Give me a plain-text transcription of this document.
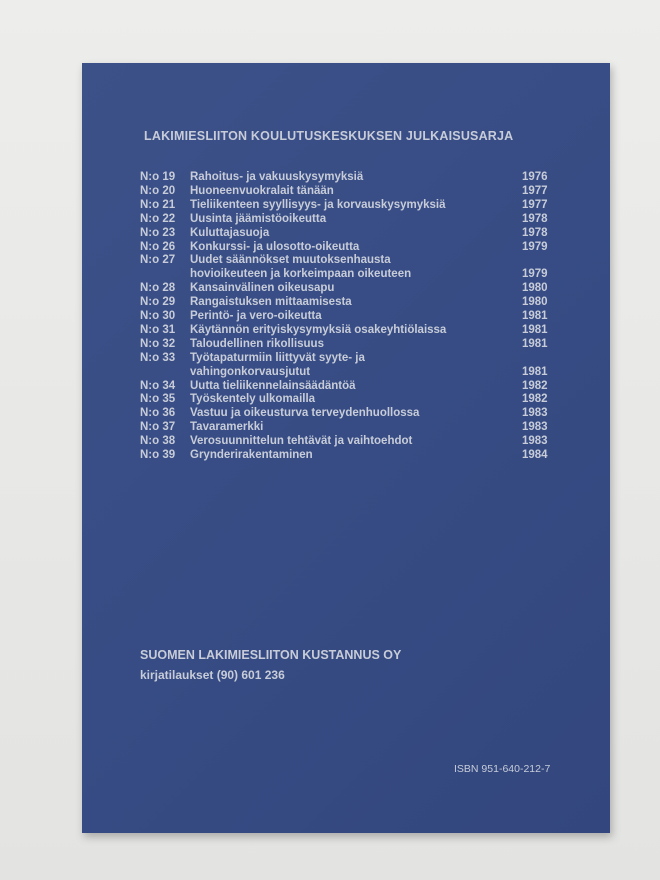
LAKIMIESLIITON KOULUTUSKESKUKSEN JULKAISUSARJA
N:o 19 Rahoitus- ja vakuuskysymyksiä	1976
N:o 20 Huoneenvuokralait tänään	1977
N:o 21 Tieliikenteen syyllisyys- ja korvauskysymyksiä	1977
N:o 22 Uusinta jäämistöoikeutta	1978
N:o 23 Kuluttajasuoja	1978
N:o 26 Konkurssi- ja ulosotto-oikeutta	1979
N:o 27 Uudet säännökset muutoksenhausta
hovioikeuteen ja korkeimpaan oikeuteen	1979
N:o 28 Kansainvälinen oikeusapu	1980
N:o 29 Rangaistuksen mittaamisesta	1980
N:o 30 Perintö- ja vero-oikeutta	1981
N:o 31 Käytännön erityiskysymyksiä osakeyhtiölaissa	1981
N:o 32 Taloudellinen rikollisuus	1981
N:o 33 Työtapaturmiin liittyvät syyte- ja
vahingonkorvausjutut	1981
N:o 34 Uutta tieliikennelainsäädäntöä	1982
N:o 35 Työskentely ulkomailla	1982
N:o 36 Vastuu ja oikeusturva terveydenhuollossa	1983
N:o 37 Tavaramerkki	1983
N:o 38 Verosuunnittelun tehtävät ja vaihtoehdot	1983
N:o 39 Grynderirakentaminen	1984
SUOMEN LAKIMIESLIITON KUSTANNUS OY
kirjatilaukset (90) 601 236
ISBN 951-640-212-7
